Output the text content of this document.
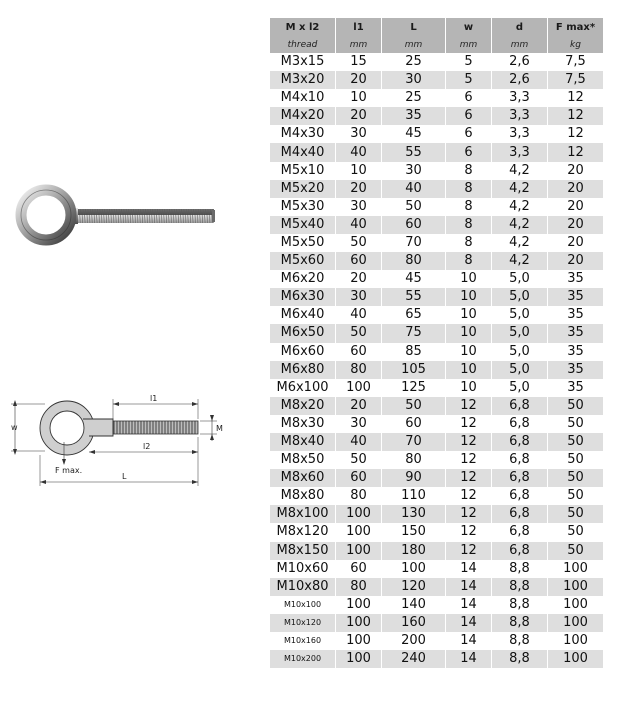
w
l1
M
l2
F max.
L
M x l2	l1	L	w	d	F max*
thread	mm	mm	mm	mm	kg
M3x15	15	25	5	2,6	7,5
M3x20	20	30	5	2,6	7,5
M4x10	10	25	6	3,3	12
M4x20	20	35	6	3,3	12
M4x30	30	45	6	3,3	12
M4x40	40	55	6	3,3	12
M5x10	10	30	8	4,2	20
M5x20	20	40	8	4,2	20
M5x30	30	50	8	4,2	20
M5x40	40	60	8	4,2	20
M5x50	50	70	8	4,2	20
M5x60	60	80	8	4,2	20
M6x20	20	45	10	5,0	35
M6x30	30	55	10	5,0	35
M6x40	40	65	10	5,0	35
M6x50	50	75	10	5,0	35
M6x60	60	85	10	5,0	35
M6x80	80	105	10	5,0	35
M6x100	100	125	10	5,0	35
M8x20	20	50	12	6,8	50
M8x30	30	60	12	6,8	50
M8x40	40	70	12	6,8	50
M8x50	50	80	12	6,8	50
M8x60	60	90	12	6,8	50
M8x80	80	110	12	6,8	50
M8x100	100	130	12	6,8	50
M8x120	100	150	12	6,8	50
M8x150	100	180	12	6,8	50
M10x60	60	100	14	8,8	100
M10x80	80	120	14	8,8	100
M10x100	100	140	14	8,8	100
M10x120	100	160	14	8,8	100
M10x160	100	200	14	8,8	100
M10x200	100	240	14	8,8	100
